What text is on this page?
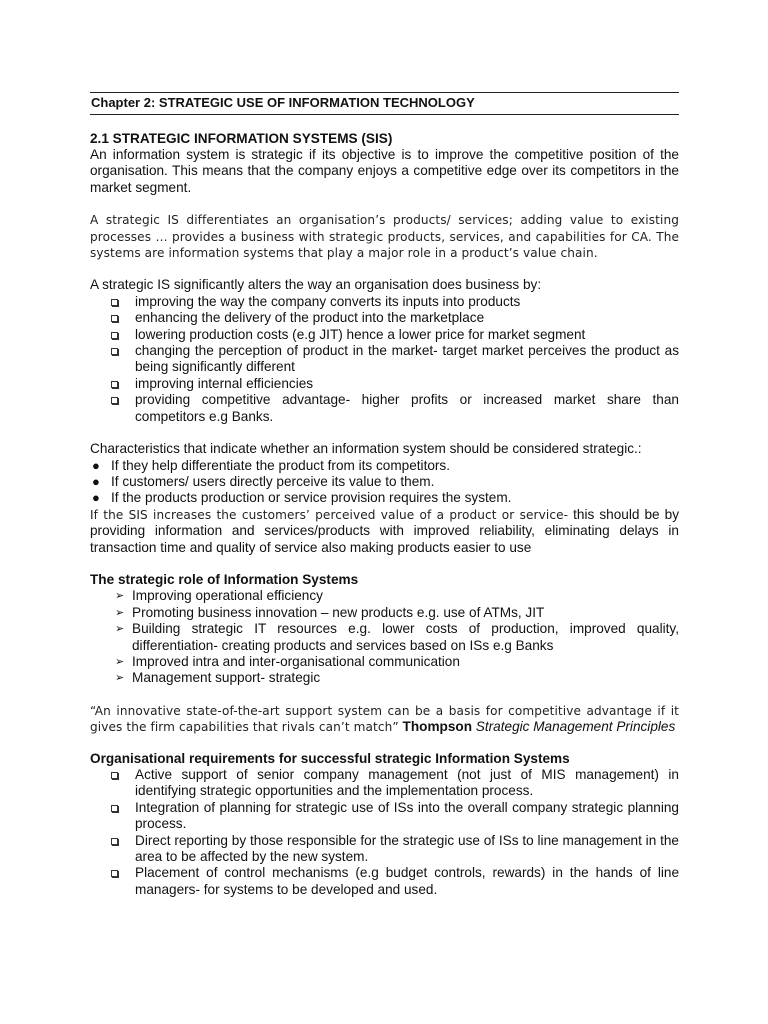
Chapter 2: STRATEGIC USE OF INFORMATION TECHNOLOGY
2.1 STRATEGIC INFORMATION SYSTEMS (SIS)

An information system is strategic if its objective is to improve the competitive position of the organisation. This means that the company enjoys a competitive edge over its competitors in the market segment.

A strategic IS differentiates an organisation’s products/ services; adding value to existing processes … provides a business with strategic products, services, and capabilities for CA. The systems are information systems that play a major role in a product’s value chain.

A strategic IS significantly alters the way an organisation does business by:

improving the way the company converts its inputs into products
enhancing the delivery of the product into the marketplace
lowering production costs (e.g JIT) hence a lower price for market segment
changing the perception of product in the market- target market perceives the product as being significantly different
improving internal efficiencies
providing competitive advantage- higher profits or increased market share than competitors e.g Banks.

Characteristics that indicate whether an information system should be considered strategic.:

● If they help differentiate the product from its competitors.
● If customers/ users directly perceive its value to them.
● If the products production or service provision requires the system.

If the SIS increases the customers’ perceived value of a product or service- this should be by providing information and services/products with improved reliability, eliminating delays in transaction time and quality of service also making products easier to use

The strategic role of Information Systems
➢ Improving operational efficiency
➢ Promoting business innovation – new products e.g. use of ATMs, JIT
➢ Building strategic IT resources e.g. lower costs of production, improved quality, differentiation- creating products and services based on ISs e.g Banks
➢ Improved intra and inter-organisational communication
➢ Management support- strategic

“An innovative state-of-the-art support system can be a basis for competitive advantage if it gives the firm capabilities that rivals can’t match” Thompson Strategic Management Principles

Organisational requirements for successful strategic Information Systems
Active support of senior company management (not just of MIS management) in identifying strategic opportunities and the implementation process.
Integration of planning for strategic use of ISs into the overall company strategic planning process.
Direct reporting by those responsible for the strategic use of ISs to line management in the area to be affected by the new system.
Placement of control mechanisms (e.g budget controls, rewards) in the hands of line managers- for systems to be developed and used.
